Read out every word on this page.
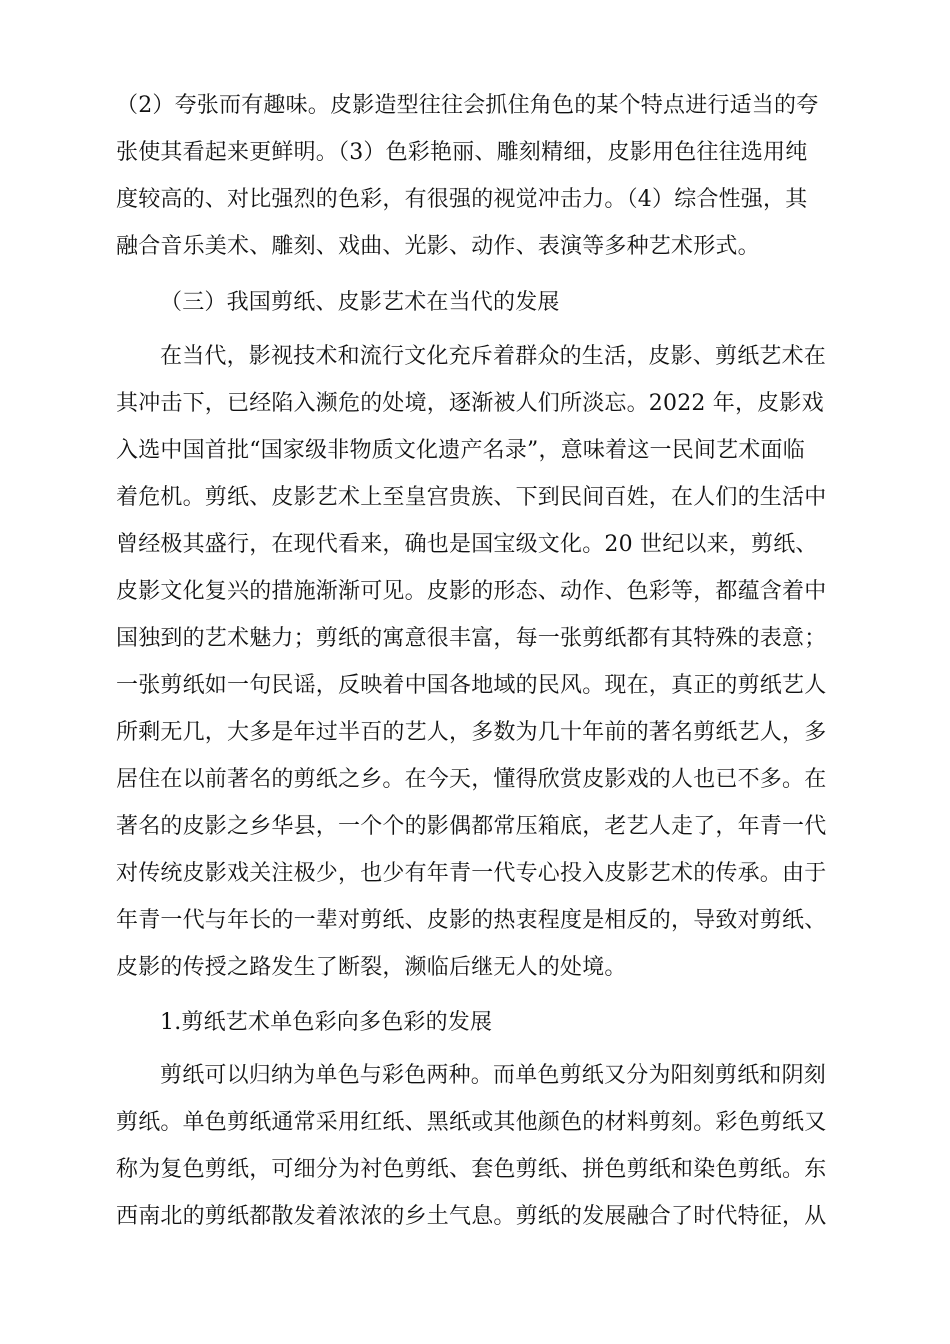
（2）夸张而有趣味。皮影造型往往会抓住角色的某个特点进行适当的夸
张使其看起来更鲜明。（3）色彩艳丽、雕刻精细，皮影用色往往选用纯
度较高的、对比强烈的色彩，有很强的视觉冲击力。（4）综合性强，其
融合音乐美术、雕刻、戏曲、光影、动作、表演等多种艺术形式。
（三）我国剪纸、皮影艺术在当代的发展
在当代，影视技术和流行文化充斥着群众的生活，皮影、剪纸艺术在
其冲击下，已经陷入濒危的处境，逐渐被人们所淡忘。2022 年，皮影戏
入选中国首批“国家级非物质文化遗产名录”，意味着这一民间艺术面临
着危机。剪纸、皮影艺术上至皇宫贵族、下到民间百姓，在人们的生活中
曾经极其盛行，在现代看来，确也是国宝级文化。20 世纪以来，剪纸、
皮影文化复兴的措施渐渐可见。皮影的形态、动作、色彩等，都蕴含着中
国独到的艺术魅力；剪纸的寓意很丰富，每一张剪纸都有其特殊的表意；
一张剪纸如一句民谣，反映着中国各地域的民风。现在，真正的剪纸艺人
所剩无几，大多是年过半百的艺人，多数为几十年前的著名剪纸艺人，多
居住在以前著名的剪纸之乡。在今天，懂得欣赏皮影戏的人也已不多。在
著名的皮影之乡华县，一个个的影偶都常压箱底，老艺人走了，年青一代
对传统皮影戏关注极少，也少有年青一代专心投入皮影艺术的传承。由于
年青一代与年长的一辈对剪纸、皮影的热衷程度是相反的，导致对剪纸、
皮影的传授之路发生了断裂，濒临后继无人的处境。
1.剪纸艺术单色彩向多色彩的发展
剪纸可以归纳为单色与彩色两种。而单色剪纸又分为阳刻剪纸和阴刻
剪纸。单色剪纸通常采用红纸、黑纸或其他颜色的材料剪刻。彩色剪纸又
称为复色剪纸，可细分为衬色剪纸、套色剪纸、拼色剪纸和染色剪纸。东
西南北的剪纸都散发着浓浓的乡土气息。剪纸的发展融合了时代特征，从
